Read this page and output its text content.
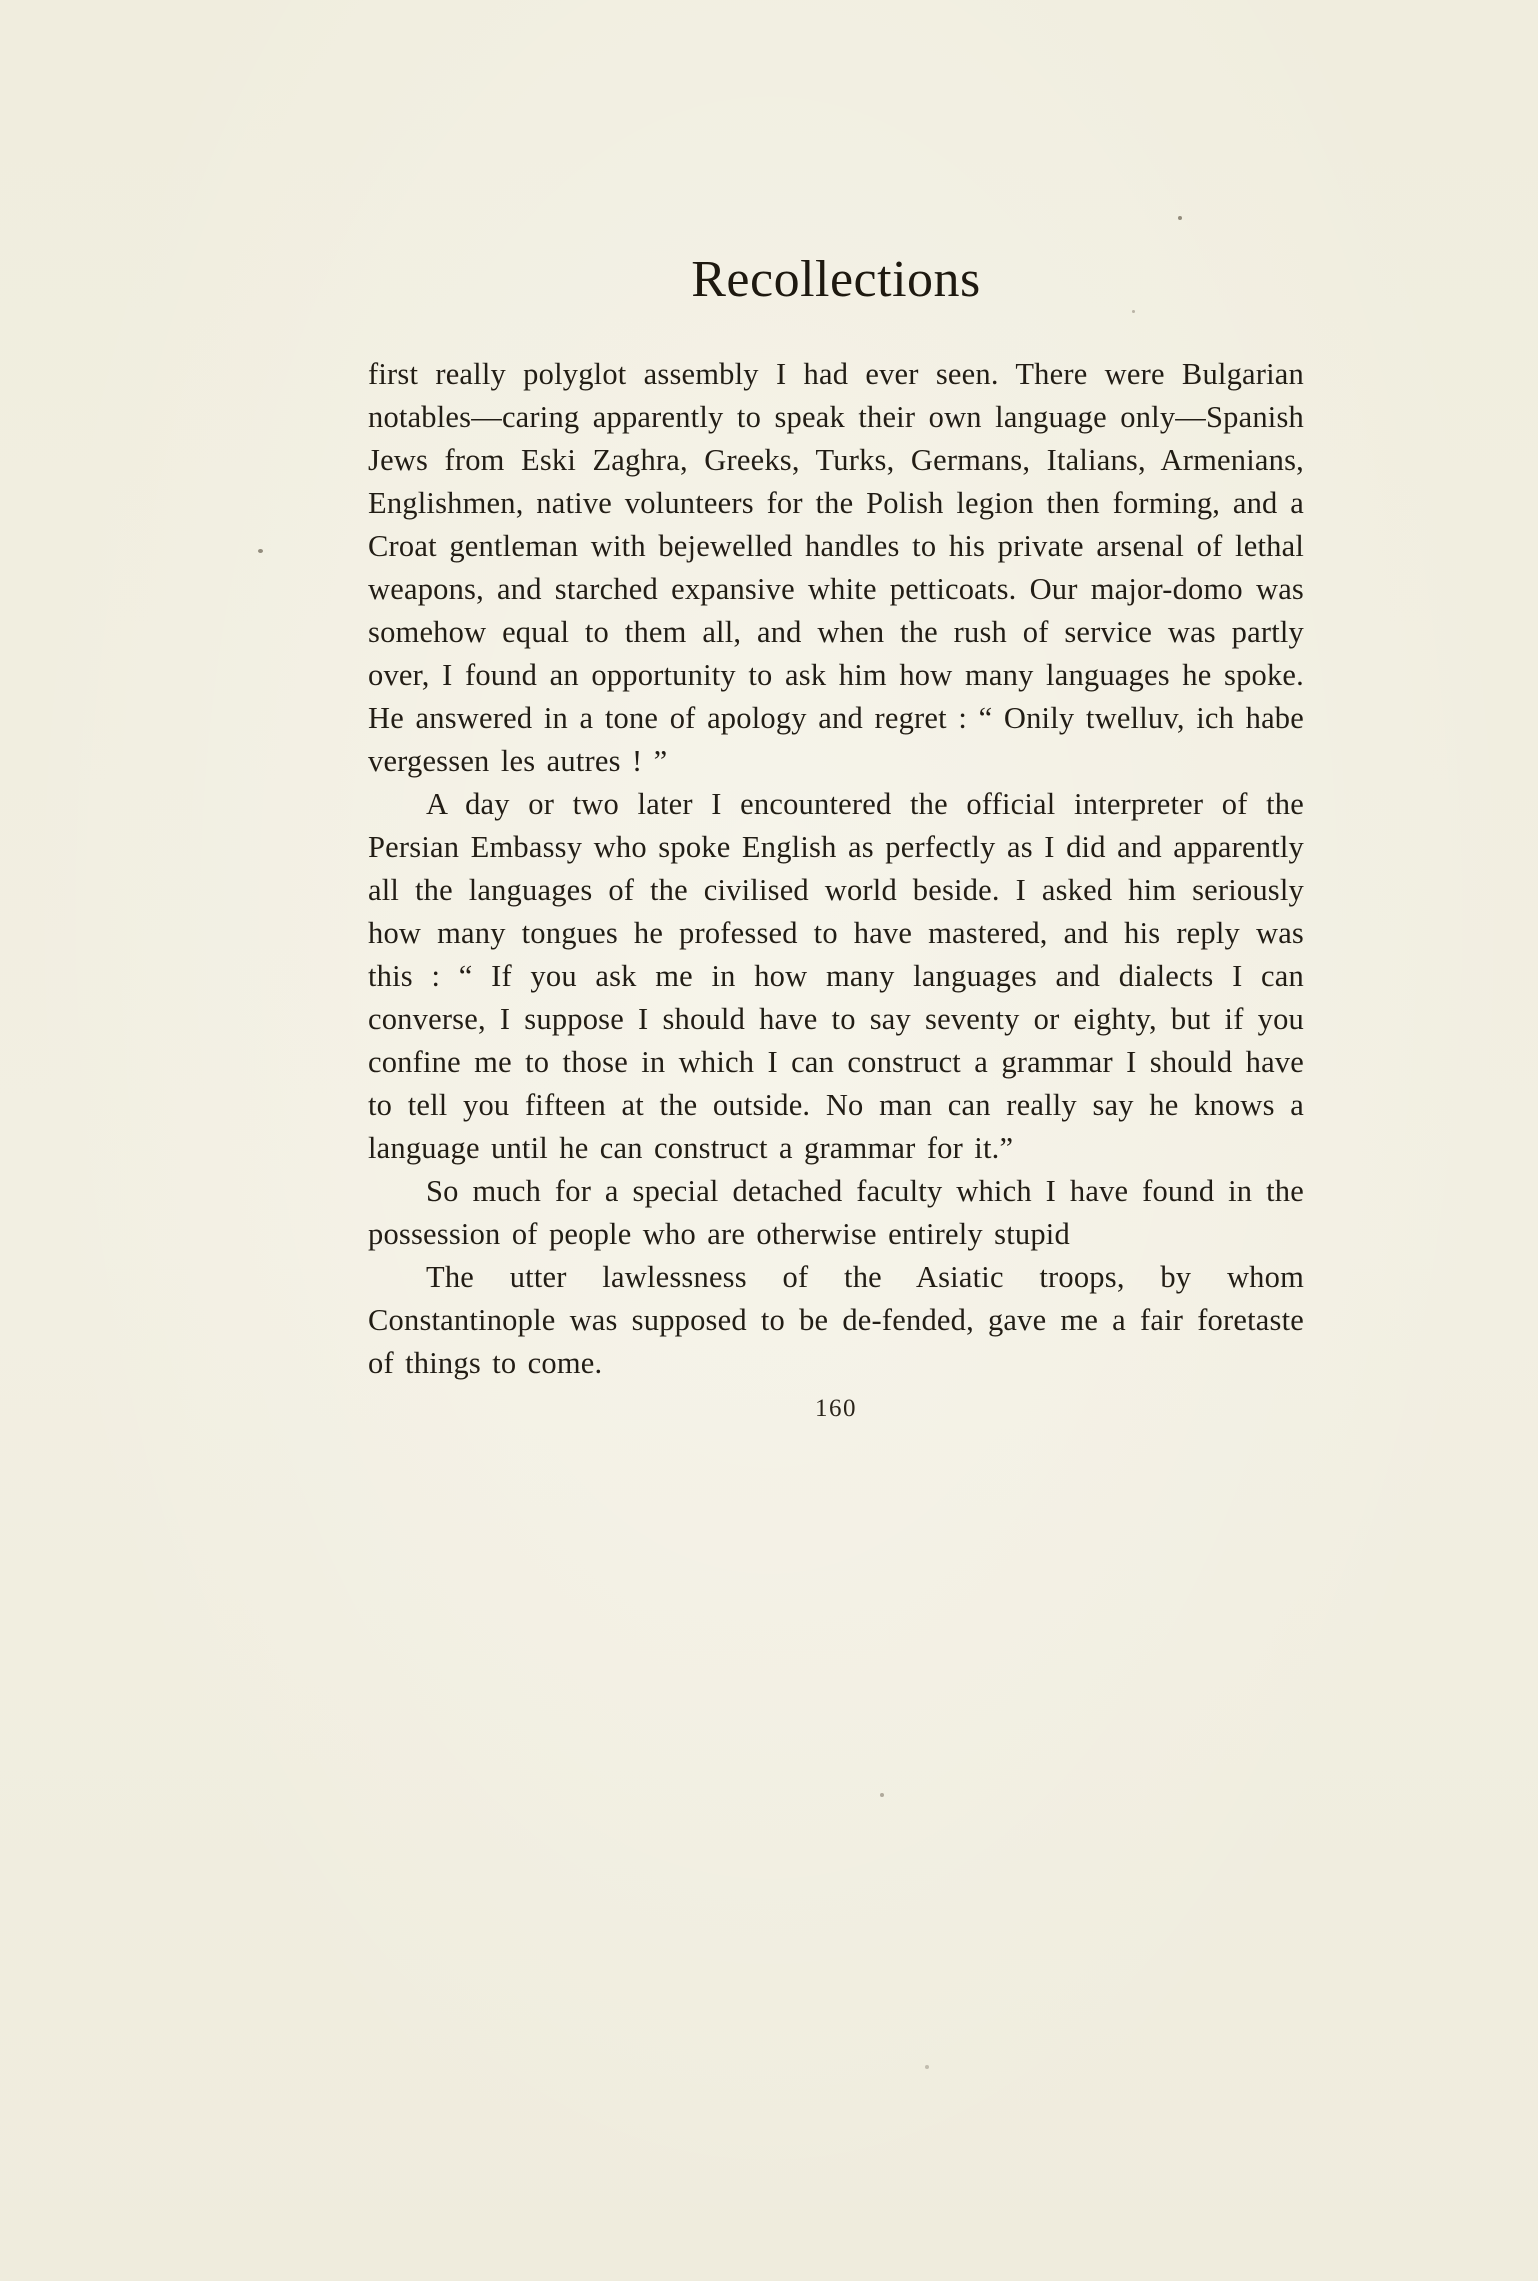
Recollections

first really polyglot assembly I had ever seen. There were Bulgarian notables—caring apparently to speak their own language only—Spanish Jews from Eski Zaghra, Greeks, Turks, Germans, Italians, Armenians, Englishmen, native volunteers for the Polish legion then forming, and a Croat gentleman with bejewelled handles to his private arsenal of lethal weapons, and starched expansive white petticoats. Our major-domo was somehow equal to them all, and when the rush of service was partly over, I found an opportunity to ask him how many languages he spoke. He answered in a tone of apology and regret : “ Onily twelluv, ich habe vergessen les autres ! ”

A day or two later I encountered the official interpreter of the Persian Embassy who spoke English as perfectly as I did and apparently all the languages of the civilised world beside. I asked him seriously how many tongues he professed to have mastered, and his reply was this : “ If you ask me in how many languages and dialects I can converse, I suppose I should have to say seventy or eighty, but if you confine me to those in which I can construct a grammar I should have to tell you fifteen at the outside. No man can really say he knows a language until he can construct a grammar for it.”

So much for a special detached faculty which I have found in the possession of people who are otherwise entirely stupid

The utter lawlessness of the Asiatic troops, by whom Constantinople was supposed to be de-fended, gave me a fair foretaste of things to come.

160
